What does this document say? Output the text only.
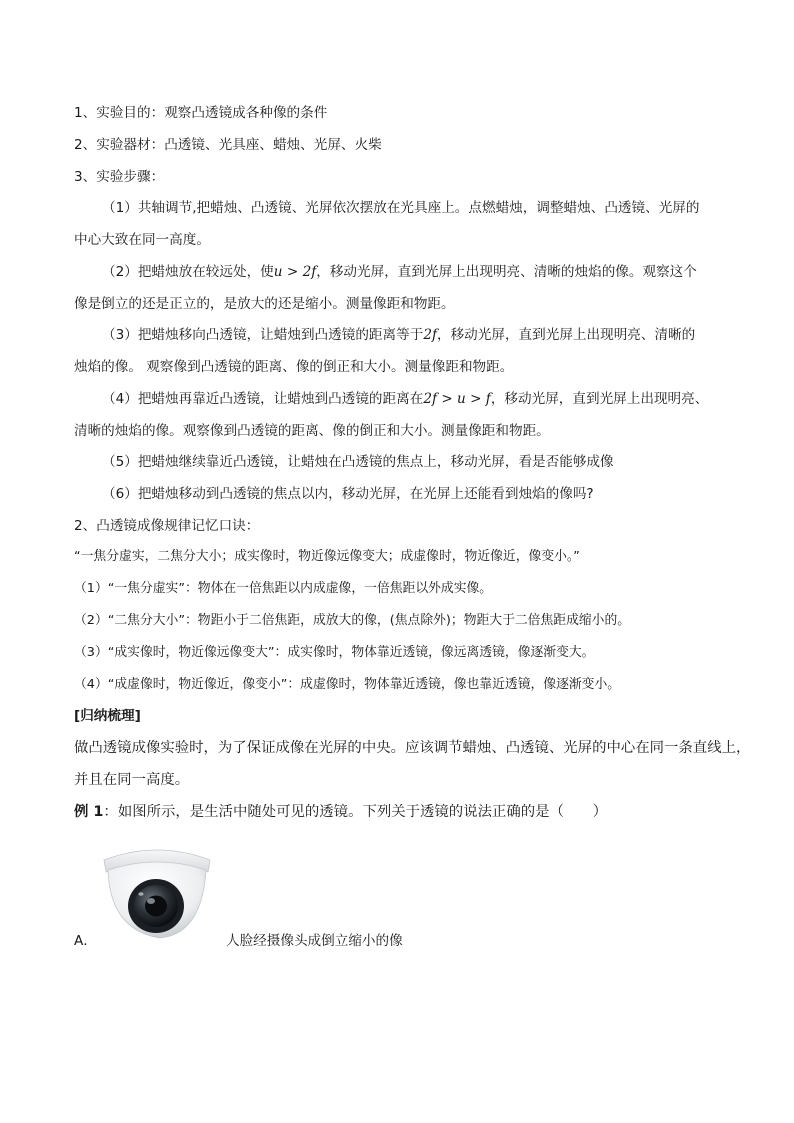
1、实验目的：观察凸透镜成各种像的条件
2、实验器材：凸透镜、光具座、蜡烛、光屏、火柴
3、实验步骤：
（1）共轴调节,把蜡烛、凸透镜、光屏依次摆放在光具座上。点燃蜡烛，调整蜡烛、凸透镜、光屏的
中心大致在同一高度。
（2）把蜡烛放在较远处，使u > 2f，移动光屏，直到光屏上出现明亮、清晰的烛焰的像。观察这个
像是倒立的还是正立的，是放大的还是缩小。测量像距和物距。
（3）把蜡烛移向凸透镜，让蜡烛到凸透镜的距离等于2f，移动光屏，直到光屏上出现明亮、清晰的
烛焰的像。 观察像到凸透镜的距离、像的倒正和大小。测量像距和物距。
（4）把蜡烛再靠近凸透镜，让蜡烛到凸透镜的距离在2f > u > f，移动光屏，直到光屏上出现明亮、
清晰的烛焰的像。观察像到凸透镜的距离、像的倒正和大小。测量像距和物距。
（5）把蜡烛继续靠近凸透镜，让蜡烛在凸透镜的焦点上，移动光屏，看是否能够成像
（6）把蜡烛移动到凸透镜的焦点以内，移动光屏，在光屏上还能看到烛焰的像吗?
2、凸透镜成像规律记忆口诀：
“一焦分虚实，二焦分大小；成实像时，物近像远像变大；成虚像时，物近像近，像变小。”
（1）“一焦分虚实”：物体在一倍焦距以内成虚像，一倍焦距以外成实像。
（2）“二焦分大小”：物距小于二倍焦距，成放大的像，(焦点除外)；物距大于二倍焦距成缩小的。
（3）“成实像时，物近像远像变大”：成实像时，物体靠近透镜，像远离透镜，像逐渐变大。
（4）“成虚像时，物近像近，像变小”：成虚像时，物体靠近透镜，像也靠近透镜，像逐渐变小。
[归纳梳理]
做凸透镜成像实验时，为了保证成像在光屏的中央。应该调节蜡烛、凸透镜、光屏的中心在同一条直线上，
并且在同一高度。
例 1：如图所示，是生活中随处可见的透镜。下列关于透镜的说法正确的是（　　）
A．	人脸经摄像头成倒立缩小的像
